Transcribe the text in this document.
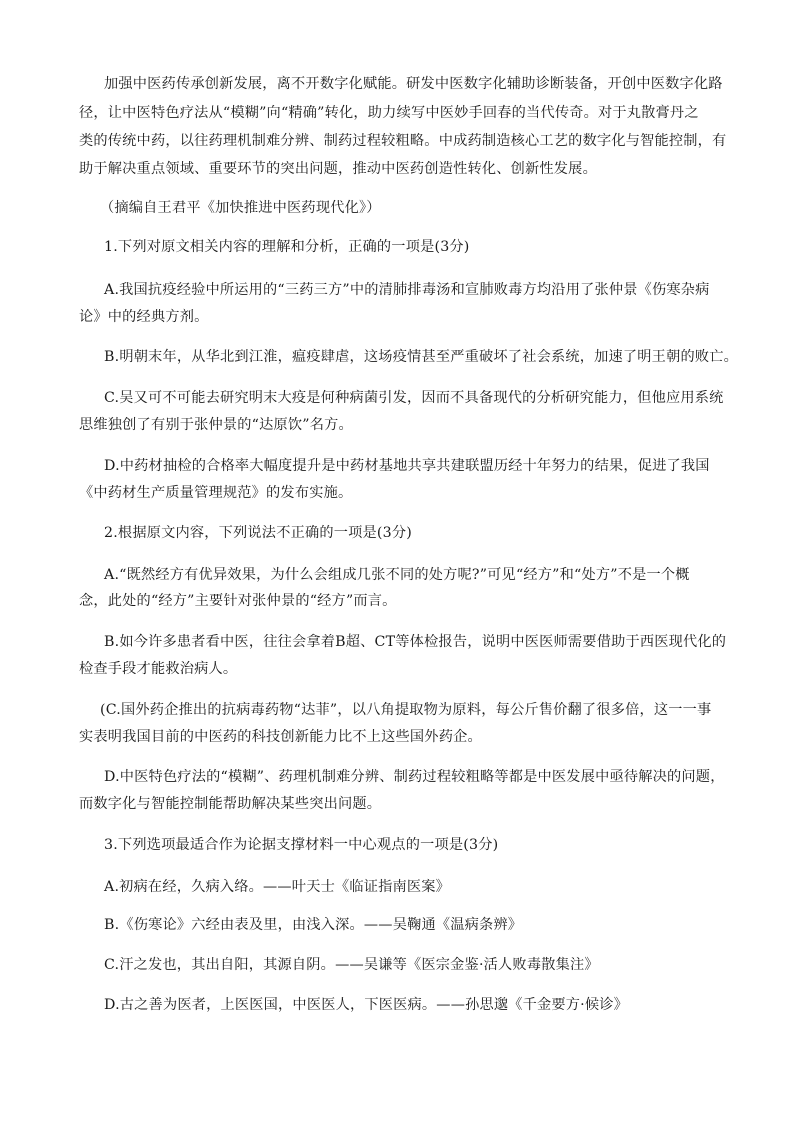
加强中医药传承创新发展，离不开数字化赋能。研发中医数字化辅助诊断装备，开创中医数字化路
径，让中医特色疗法从“模糊”向“精确”转化，助力续写中医妙手回春的当代传奇。对于丸散膏丹之
类的传统中药，以往药理机制难分辨、制药过程较粗略。中成药制造核心工艺的数字化与智能控制，有
助于解决重点领域、重要环节的突出问题，推动中医药创造性转化、创新性发展。
（摘编自王君平《加快推进中医药现代化》）
1.下列对原文相关内容的理解和分析，正确的一项是(3分)
A.我国抗疫经验中所运用的“三药三方”中的清肺排毒汤和宣肺败毒方均沿用了张仲景《伤寒杂病
论》中的经典方剂。
B.明朝末年，从华北到江淮，瘟疫肆虐，这场疫情甚至严重破坏了社会系统，加速了明王朝的败亡。
C.吴又可不可能去研究明末大疫是何种病菌引发，因而不具备现代的分析研究能力，但他应用系统
思维独创了有别于张仲景的“达原饮”名方。
D.中药材抽检的合格率大幅度提升是中药材基地共享共建联盟历经十年努力的结果，促进了我国
《中药材生产质量管理规范》的发布实施。
2.根据原文内容，下列说法不正确的一项是(3分)
A.“既然经方有优异效果，为什么会组成几张不同的处方呢?”可见“经方”和“处方”不是一个概
念，此处的“经方”主要针对张仲景的“经方”而言。
B.如今许多患者看中医，往往会拿着B超、CT等体检报告，说明中医医师需要借助于西医现代化的
检查手段才能救治病人。
(C.国外药企推出的抗病毒药物“达菲”，以八角提取物为原料，每公斤售价翻了很多倍，这一一事
实表明我国目前的中医药的科技创新能力比不上这些国外药企。
D.中医特色疗法的“模糊”、药理机制难分辨、制药过程较粗略等都是中医发展中亟待解决的问题，
而数字化与智能控制能帮助解决某些突出问题。
3.下列选项最适合作为论据支撑材料一中心观点的一项是(3分)
A.初病在经，久病入络。——叶天士《临证指南医案》
B.《伤寒论》六经由表及里，由浅入深。——吴鞠通《温病条辨》
C.汗之发也，其出自阳，其源自阴。——吴谦等《医宗金鉴·活人败毒散集注》
D.古之善为医者，上医医国，中医医人，下医医病。——孙思邈《千金要方·候诊》
